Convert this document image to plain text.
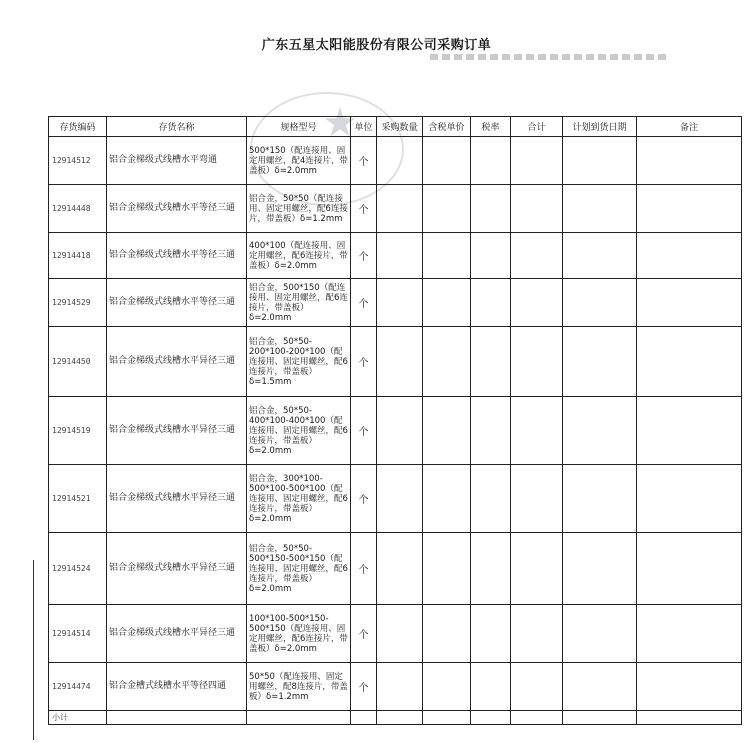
广东五星太阳能股份有限公司采购订单
★
存货编码	存货名称	规格型号	单位	采购数量	含税单价	税率	合计	计划到货日期	备注
12914512	铝合金梯级式线槽水平弯通	500*150（配连接用、固定用螺丝，配4连接片，带盖板）δ=2.0mm	个						
12914448	铝合金梯级式线槽水平等径三通	铝合金，50*50（配连接用、固定用螺丝，配6连接片，带盖板）δ=1.2mm	个						
12914418	铝合金梯级式线槽水平等径三通	400*100（配连接用、固定用螺丝，配6连接片，带盖板）δ=2.0mm	个						
12914529	铝合金梯级式线槽水平等径三通	铝合金，500*150（配连接用、固定用螺丝，配6连接片，带盖板）δ=2.0mm	个						
12914450	铝合金梯级式线槽水平异径三通	铝合金，50*50-200*100-200*100（配连接用、固定用螺丝，配6连接片，带盖板）δ=1.5mm	个						
12914519	铝合金梯级式线槽水平异径三通	铝合金，50*50-400*100-400*100（配连接用、固定用螺丝，配6连接片，带盖板）δ=2.0mm	个						
12914521	铝合金梯级式线槽水平异径三通	铝合金，300*100-500*100-500*100（配连接用、固定用螺丝，配6连接片，带盖板）δ=2.0mm	个						
12914524	铝合金梯级式线槽水平异径三通	铝合金，50*50-500*150-500*150（配连接用、固定用螺丝，配6连接片，带盖板）δ=2.0mm	个						
12914514	铝合金梯级式线槽水平异径三通	100*100-500*150-500*150（配连接用、固定用螺丝，配6连接片，带盖板）δ=2.0mm	个						
12914474	铝合金槽式线槽水平等径四通	50*50（配连接用、固定用螺丝，配8连接片，带盖板）δ=1.2mm	个						
小计									
